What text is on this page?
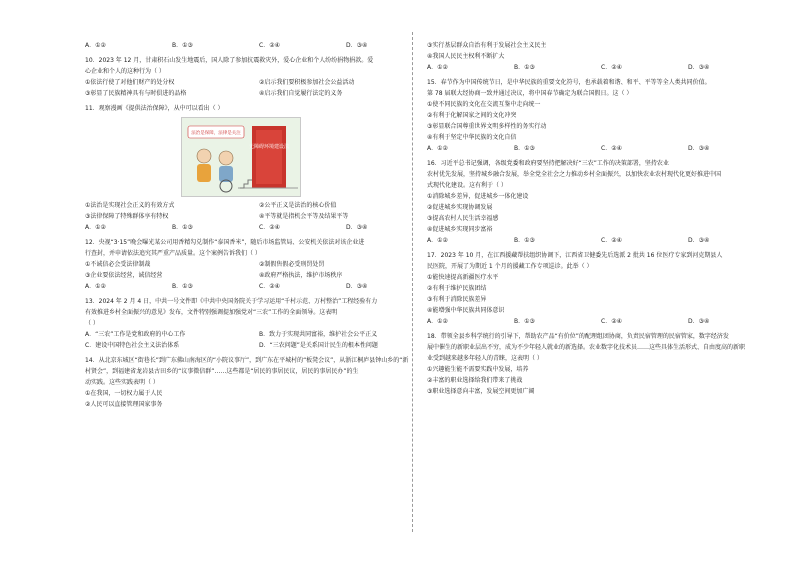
A．①②	B．①③	C．②④	D．③④
10．2023 年 12 月，甘肃积石山发生地震后，国人除了参加抗震救灾外，爱心企业和个人纷纷捐物捐款。爱
心企业和个人的这种行为（ ）
①依法行使了对他们财产的处分权	②启示我们要积极参加社会公益活动
③彰显了民族精神具有与时俱进的品格	④启示我们自觉履行法定的义务
11．观察漫画《提供法治保障》，从中可以看出（ ）
无障碍环境建设法
法治是保障，法律是关注
①法治是实现社会正义的有效方式	②公平正义是法治的核心价值
③法律保障了特殊群体享有特权	④平等就是指机会平等及结果平等
A．①②	B．①③	C．②④	D．③④
12．央视“3·15”晚会曝光某公司用香精勾兑制作“泰国香米”，随后市场监管局、公安机关依法对该企业进
行查封，并申请依法追究其严重产品质量。这个案例告诉我们（ ）
①不诚信必会受法律制裁	②制假售假必受刑罚处罚
③企业要依法经营，诚信经营	④政府严格执法，维护市场秩序
A．①②	B．①③	C．②④	D．③④
13．2024 年 2 月 4 日，中共一号文件即《中共中央国务院关于学习运用“千村示范、万村整治”工程经验有力
有效推进乡村全面振兴的意见》发布，文件特别强调提加强党对“三农”工作的全面领导。这表明
（ ）
A．“三农”工作是党和政府的中心工作	B．致力于实现共同富裕，维护社会公平正义
C．建设中国特色社会主义法治体系	D．“三农问题”是关系国计民生的根本性问题
14．从北京东城区“街巷长”到广东佛山南海区的“小院议事厅”，到广东在平城村的“板凳会议”，从浙江桐庐县钟山乡的“新
村贤会”，到福建省龙岩县古田乡的“议事微信群”……这些都是“居民的事居民议，居民的事居民办”的生
动实践。这些实践表明（ ）
①在我国，一切权力属于人民
②人民可以直接管理国家事务
③实行基层群众自治有利于发展社会主义民主
④我国人民民主权利不断扩大
A．①②	B．①③	C．②④	D．③④
15．春节作为中国传统节日，是中华民族的重要文化符号，也承载着和谐、和平、平等等全人类共同价值。
第 78 届联大经协商一致并通过决议，将中国春节确定为联合国假日。这（ ）
①使不同民族的文化在交流互鉴中走向统一
②有利于化解国家之间的文化冲突
③彰显联合国尊重世界文明多样性的务实行动
④有利于坚定中华民族的文化自信
A．①②	B．①③	C．②④	D．③④
16．习近平总书记强调，各级党委和政府要坚持把解决好“三农”工作的决策部署，坚持农业
农村优先发展，坚持城乡融合发展，举全党全社会之力推动乡村全面振兴，以加快农业农村现代化更好推进中国
式现代化建设。这有利于（ ）
①消除城乡差异，促进城乡一体化建设
②促进城乡实现协调发展
③提高农村人民生活幸福感
④促进城乡实现同步富裕
A．①②	B．①③	C．②④	D．③④
17．2023 年 10 月，在江西援藏帮扶组织协调下，江西省卫健委先后选派 2 批共 16 位医疗专家到河克期县人
民医院，开展了为期近 1 个月的援藏工作专项巡诊。此举（ ）
①能快速提高新疆医疗水平
②有利于维护民族团结
③有利于消除民族差异
④能增强中华民族共同体意识
A．①②	B．①③	C．②④	D．③④
18．带领全县乡科学统行的引导下，帮助农产品“有价位”的配理组团协商，负责民宿管理的民宿管家，数字经济发
展中催生的新职业层出不穷，成为不少年轻人就业的新选择。农业数字化技术员……这些具体生活形式、自由度高的新职
业受到越来越多年轻人的青睐，这表明（ ）
①兴趣能生能不需要实践中发展，培养
②丰富的职业选择给我们带来了挑战
③职业选择意向丰富，发展空间更加广阔
